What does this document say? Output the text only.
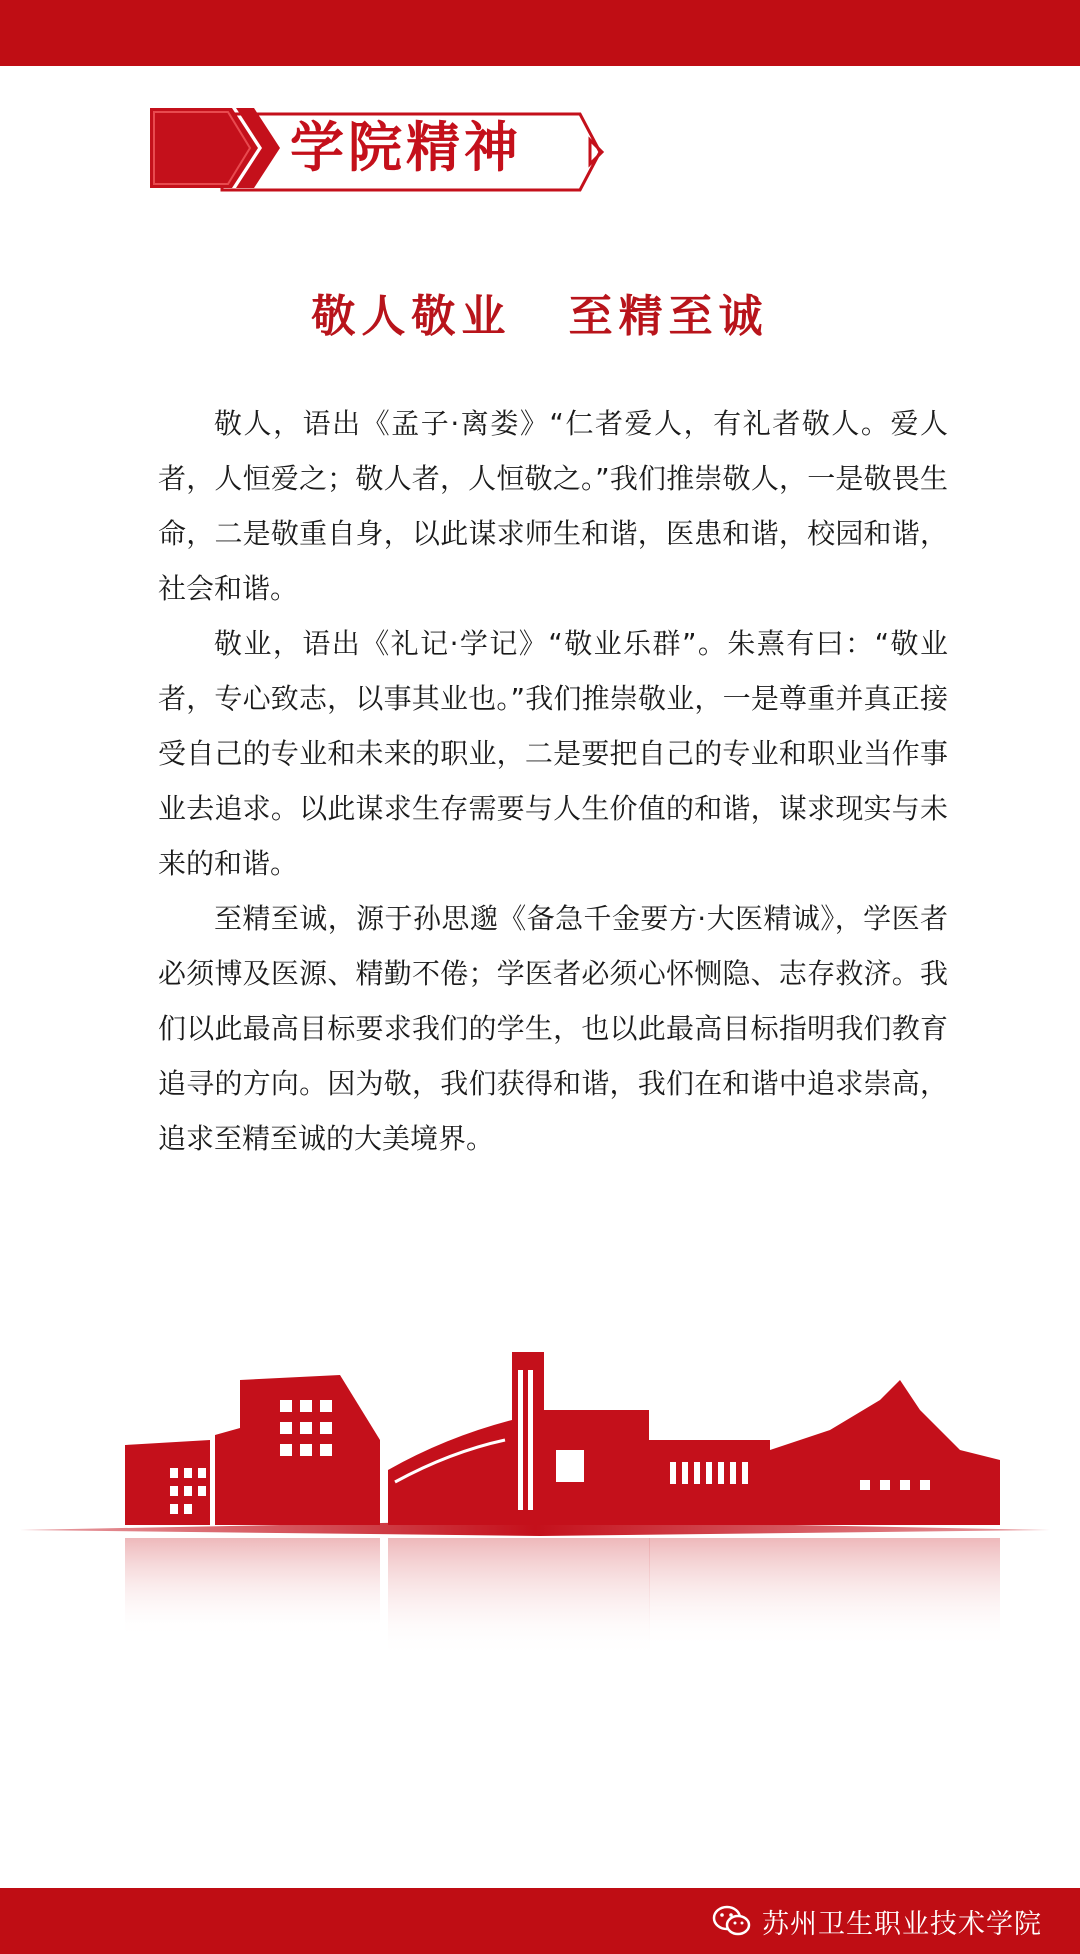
学院精神
敬人敬业 至精至诚

敬人，语出《孟子·离娄》“仁者爱人，有礼者敬人。爱人者，人恒爱之；敬人者，人恒敬之。”我们推崇敬人，一是敬畏生命，二是敬重自身，以此谋求师生和谐，医患和谐，校园和谐，社会和谐。

敬业，语出《礼记·学记》“敬业乐群”。朱熹有曰：“敬业者，专心致志，以事其业也。”我们推崇敬业，一是尊重并真正接受自己的专业和未来的职业，二是要把自己的专业和职业当作事业去追求。以此谋求生存需要与人生价值的和谐，谋求现实与未来的和谐。

至精至诚，源于孙思邈《备急千金要方·大医精诚》，学医者必须博及医源、精勤不倦；学医者必须心怀恻隐、志存救济。我们以此最高目标要求我们的学生，也以此最高目标指明我们教育追寻的方向。因为敬，我们获得和谐，我们在和谐中追求崇高，追求至精至诚的大美境界。

苏州卫生职业技术学院
